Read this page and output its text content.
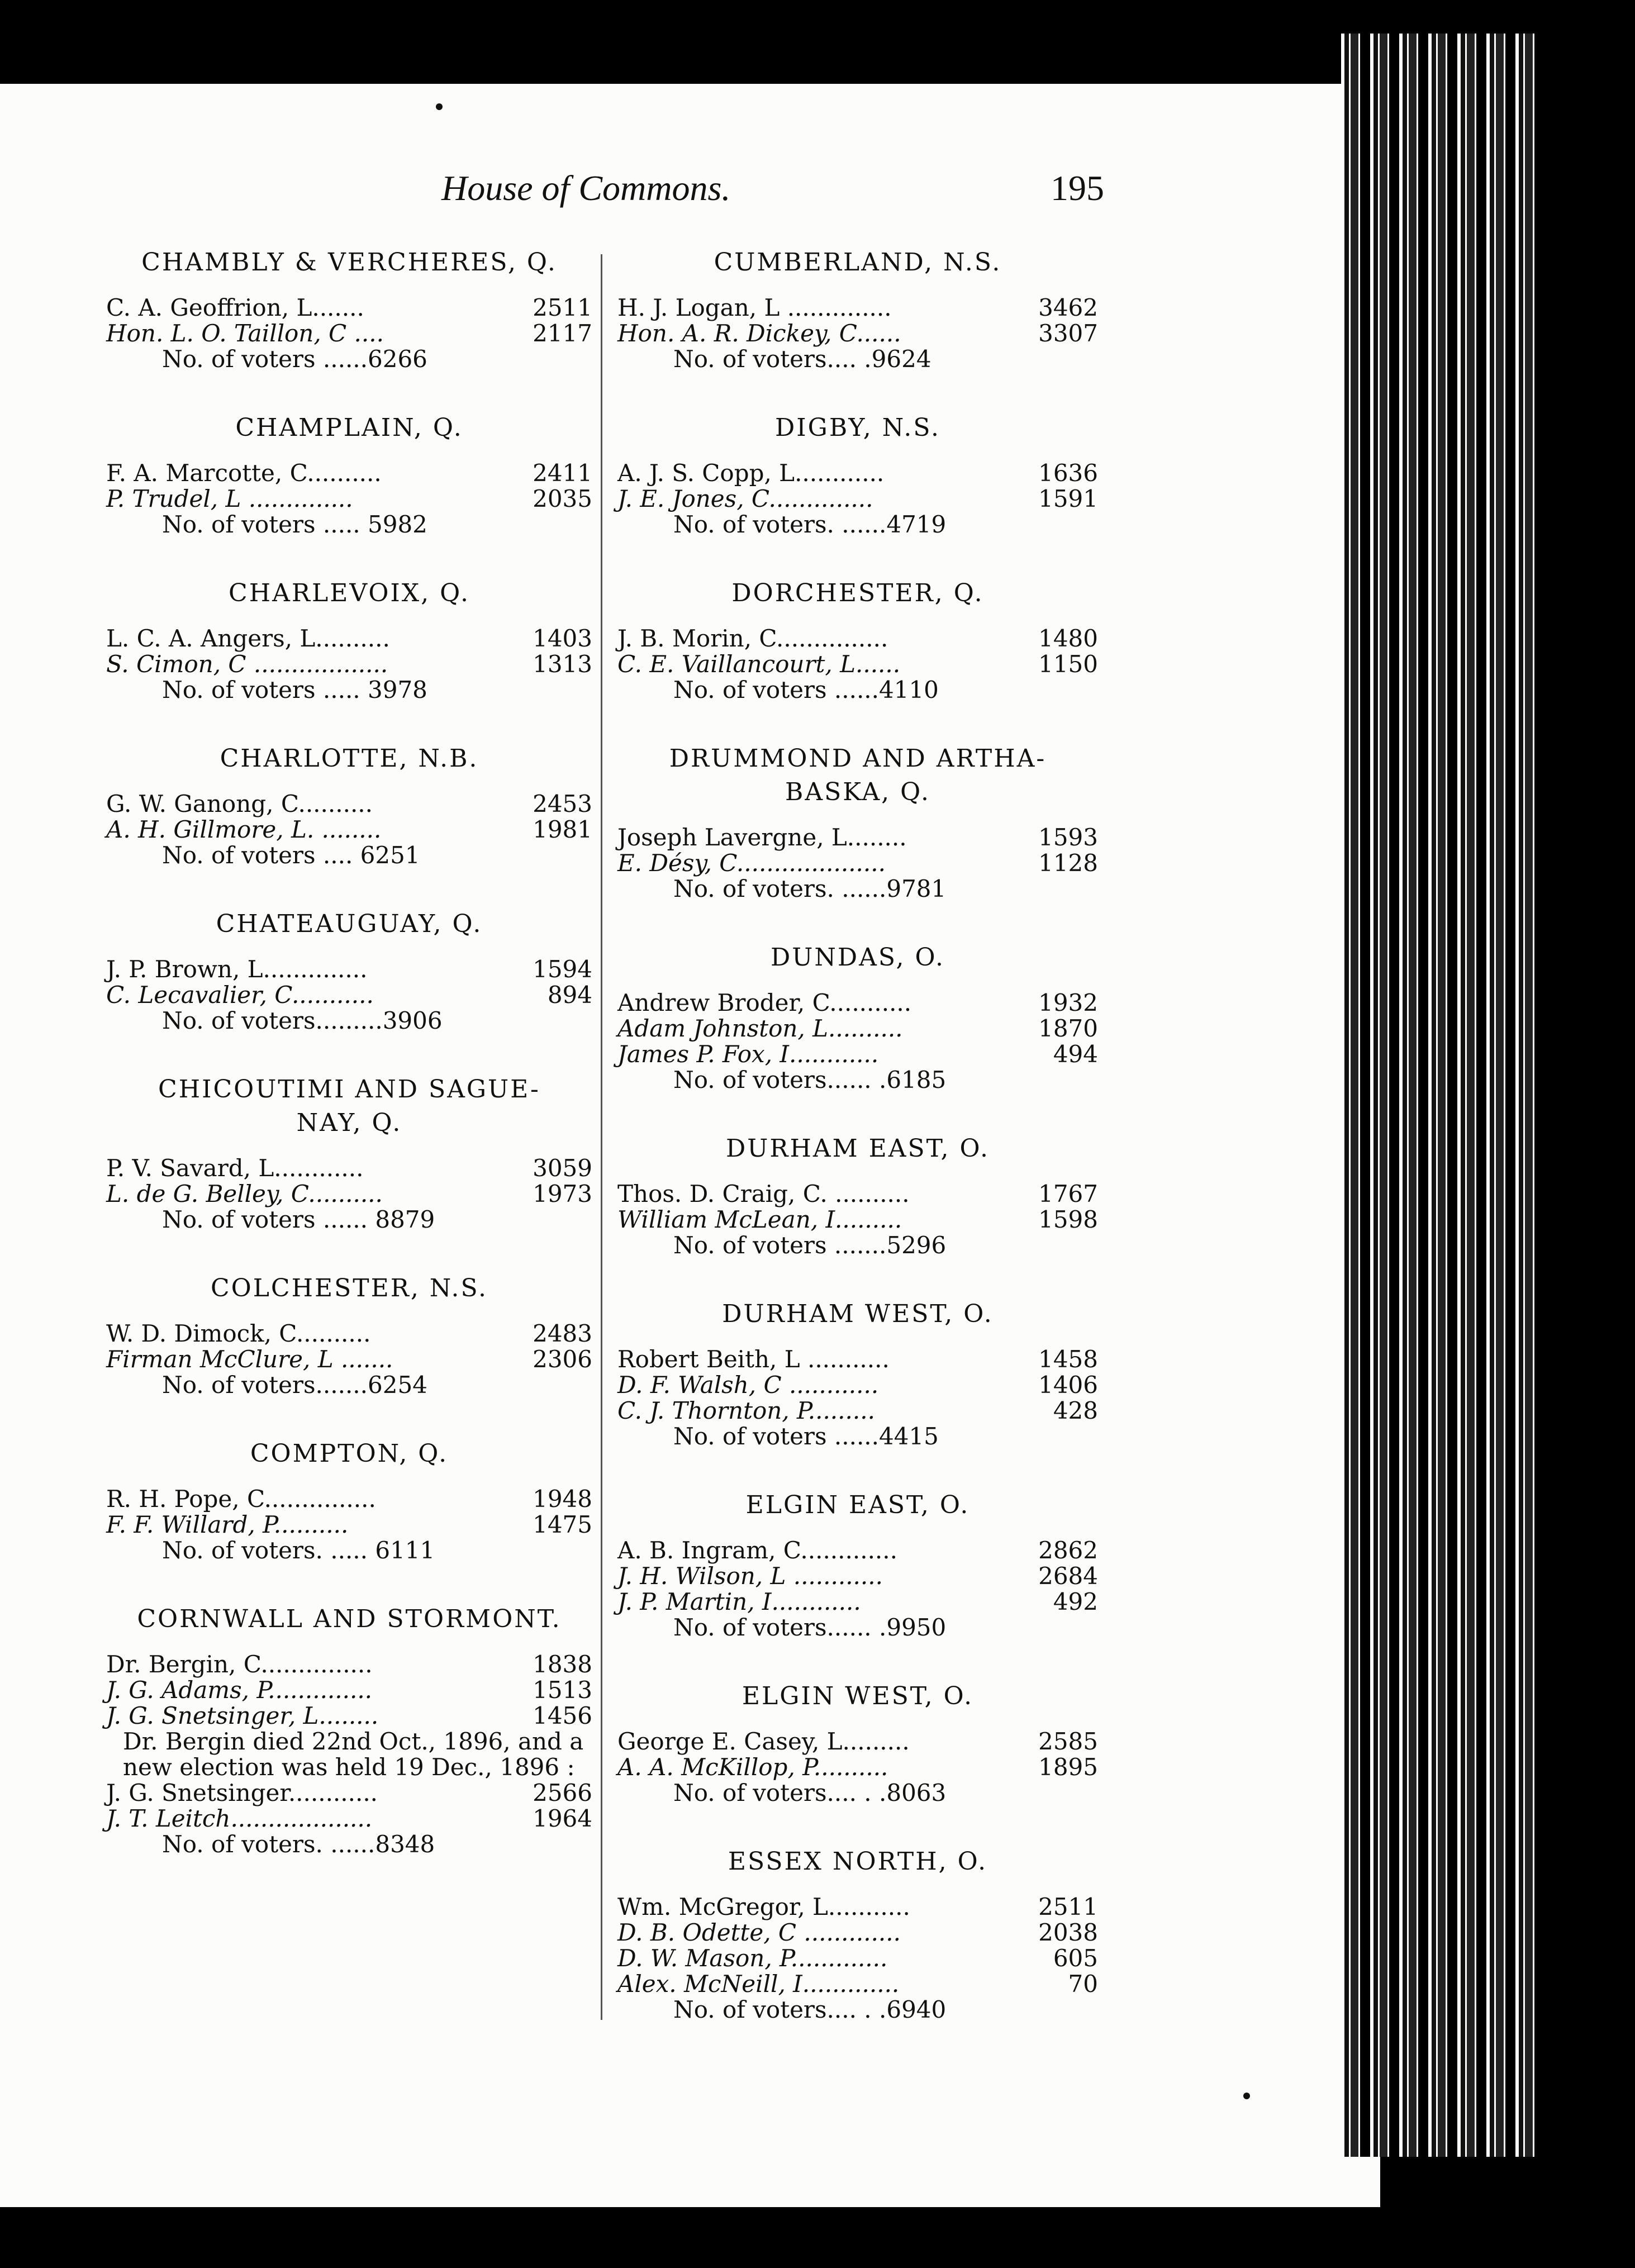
House of Commons.	195
CHAMBLY & VERCHERES, Q.
C. A. Geoffrion, L.......	2511
Hon. L. O. Taillon, C ....	2117
No. of voters ......6266
CHAMPLAIN, Q.
F. A. Marcotte, C..........	2411
P. Trudel, L ..............	2035
No. of voters ..... 5982
CHARLEVOIX, Q.
L. C. A. Angers, L..........	1403
S. Cimon, C ..................	1313
No. of voters ..... 3978
CHARLOTTE, N.B.
G. W. Ganong, C..........	2453
A. H. Gillmore, L. ........	1981
No. of voters .... 6251
CHATEAUGUAY, Q.
J. P. Brown, L..............	1594
C. Lecavalier, C...........	894
No. of voters.........3906
CHICOUTIMI AND SAGUE-
NAY, Q.
P. V. Savard, L............	3059
L. de G. Belley, C..........	1973
No. of voters ...... 8879
COLCHESTER, N.S.
W. D. Dimock, C..........	2483
Firman McClure, L .......	2306
No. of voters.......6254
COMPTON, Q.
R. H. Pope, C...............	1948
F. F. Willard, P..........	1475
No. of voters. ..... 6111
CORNWALL AND STORMONT.
Dr. Bergin, C...............	1838
J. G. Adams, P..............	1513
J. G. Snetsinger, L........	1456
Dr. Bergin died 22nd Oct., 1896, and a new election was held 19 Dec., 1896 :
J. G. Snetsinger............	2566
J. T. Leitch...................	1964
No. of voters. ......8348
CUMBERLAND, N.S.
H. J. Logan, L ..............	3462
Hon. A. R. Dickey, C......	3307
No. of voters.... .9624
DIGBY, N.S.
A. J. S. Copp, L............	1636
J. E. Jones, C..............	1591
No. of voters. ......4719
DORCHESTER, Q.
J. B. Morin, C...............	1480
C. E. Vaillancourt, L......	1150
No. of voters ......4110
DRUMMOND AND ARTHA-
BASKA, Q.
Joseph Lavergne, L........	1593
E. Désy, C....................	1128
No. of voters. ......9781
DUNDAS, O.
Andrew Broder, C...........	1932
Adam Johnston, L..........	1870
James P. Fox, I............	494
No. of voters...... .6185
DURHAM EAST, O.
Thos. D. Craig, C. ..........	1767
William McLean, I.........	1598
No. of voters .......5296
DURHAM WEST, O.
Robert Beith, L ...........	1458
D. F. Walsh, C ............	1406
C. J. Thornton, P.........	428
No. of voters ......4415
ELGIN EAST, O.
A. B. Ingram, C.............	2862
J. H. Wilson, L ............	2684
J. P. Martin, I............	492
No. of voters...... .9950
ELGIN WEST, O.
George E. Casey, L.........	2585
A. A. McKillop, P..........	1895
No. of voters.... . .8063
ESSEX NORTH, O.
Wm. McGregor, L...........	2511
D. B. Odette, C .............	2038
D. W. Mason, P.............	605
Alex. McNeill, I.............	70
No. of voters.... . .6940
